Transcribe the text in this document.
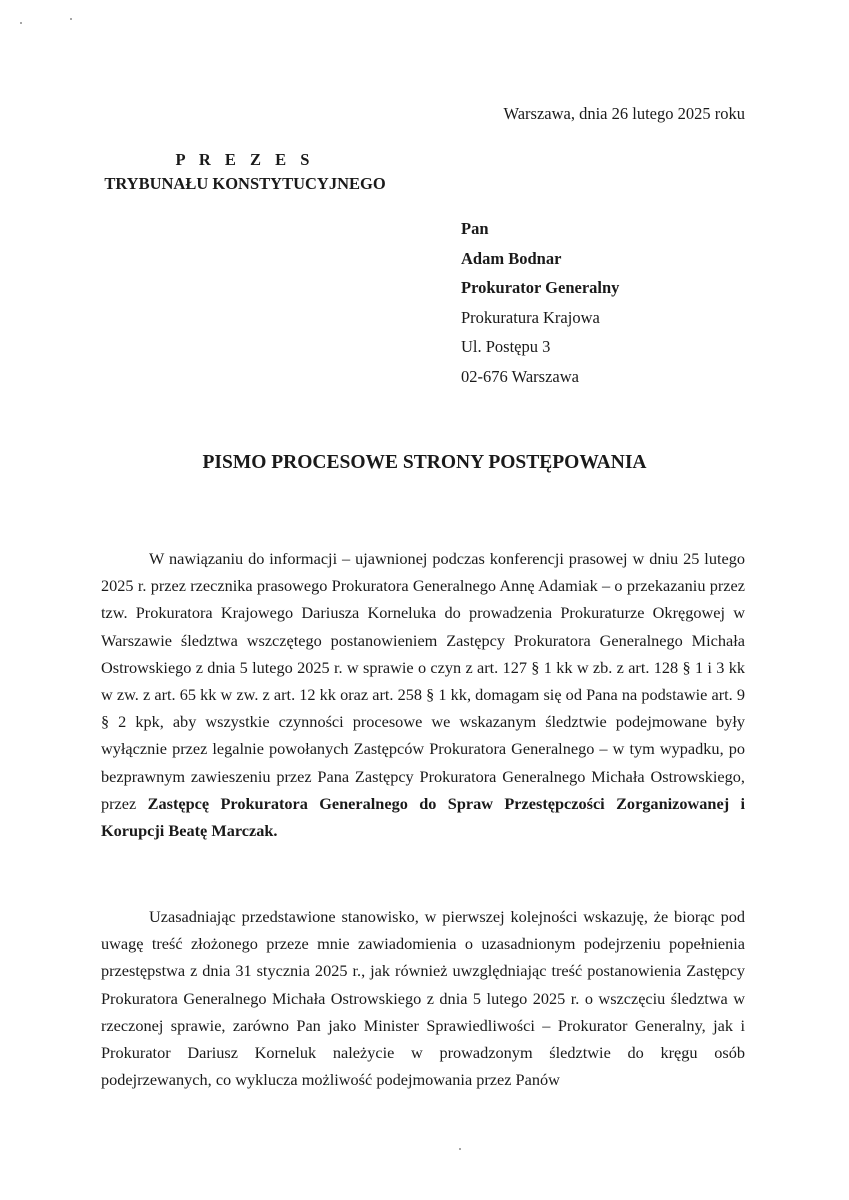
Warszawa, dnia 26 lutego 2025 roku
P R E Z E S
TRYBUNAŁU KONSTYTUCYJNEGO
Pan
Adam Bodnar
Prokurator Generalny
Prokuratura Krajowa
Ul. Postępu 3
02-676 Warszawa
PISMO PROCESOWE STRONY POSTĘPOWANIA

W nawiązaniu do informacji – ujawnionej podczas konferencji prasowej w dniu 25 lutego 2025 r. przez rzecznika prasowego Prokuratora Generalnego Annę Adamiak – o przekazaniu przez tzw. Prokuratora Krajowego Dariusza Korneluka do prowadzenia Prokuraturze Okręgowej w Warszawie śledztwa wszczętego postanowieniem Zastępcy Prokuratora Generalnego Michała Ostrowskiego z dnia 5 lutego 2025 r. w sprawie o czyn z art. 127 § 1 kk w zb. z art. 128 § 1 i 3 kk w zw. z art. 65 kk w zw. z art. 12 kk oraz art. 258 § 1 kk, domagam się od Pana na podstawie art. 9 § 2 kpk, aby wszystkie czynności procesowe we wskazanym śledztwie podejmowane były wyłącznie przez legalnie powołanych Zastępców Prokuratora Generalnego – w tym wypadku, po bezprawnym zawieszeniu przez Pana Zastępcy Prokuratora Generalnego Michała Ostrowskiego, przez Zastępcę Prokuratora Generalnego do Spraw Przestępczości Zorganizowanej i Korupcji Beatę Marczak.

Uzasadniając przedstawione stanowisko, w pierwszej kolejności wskazuję, że biorąc pod uwagę treść złożonego przeze mnie zawiadomienia o uzasadnionym podejrzeniu popełnienia przestępstwa z dnia 31 stycznia 2025 r., jak również uwzględniając treść postanowienia Zastępcy Prokuratora Generalnego Michała Ostrowskiego z dnia 5 lutego 2025 r. o wszczęciu śledztwa w rzeczonej sprawie, zarówno Pan jako Minister Sprawiedliwości – Prokurator Generalny, jak i Prokurator Dariusz Korneluk należycie w prowadzonym śledztwie do kręgu osób podejrzewanych, co wyklucza możliwość podejmowania przez Panów
